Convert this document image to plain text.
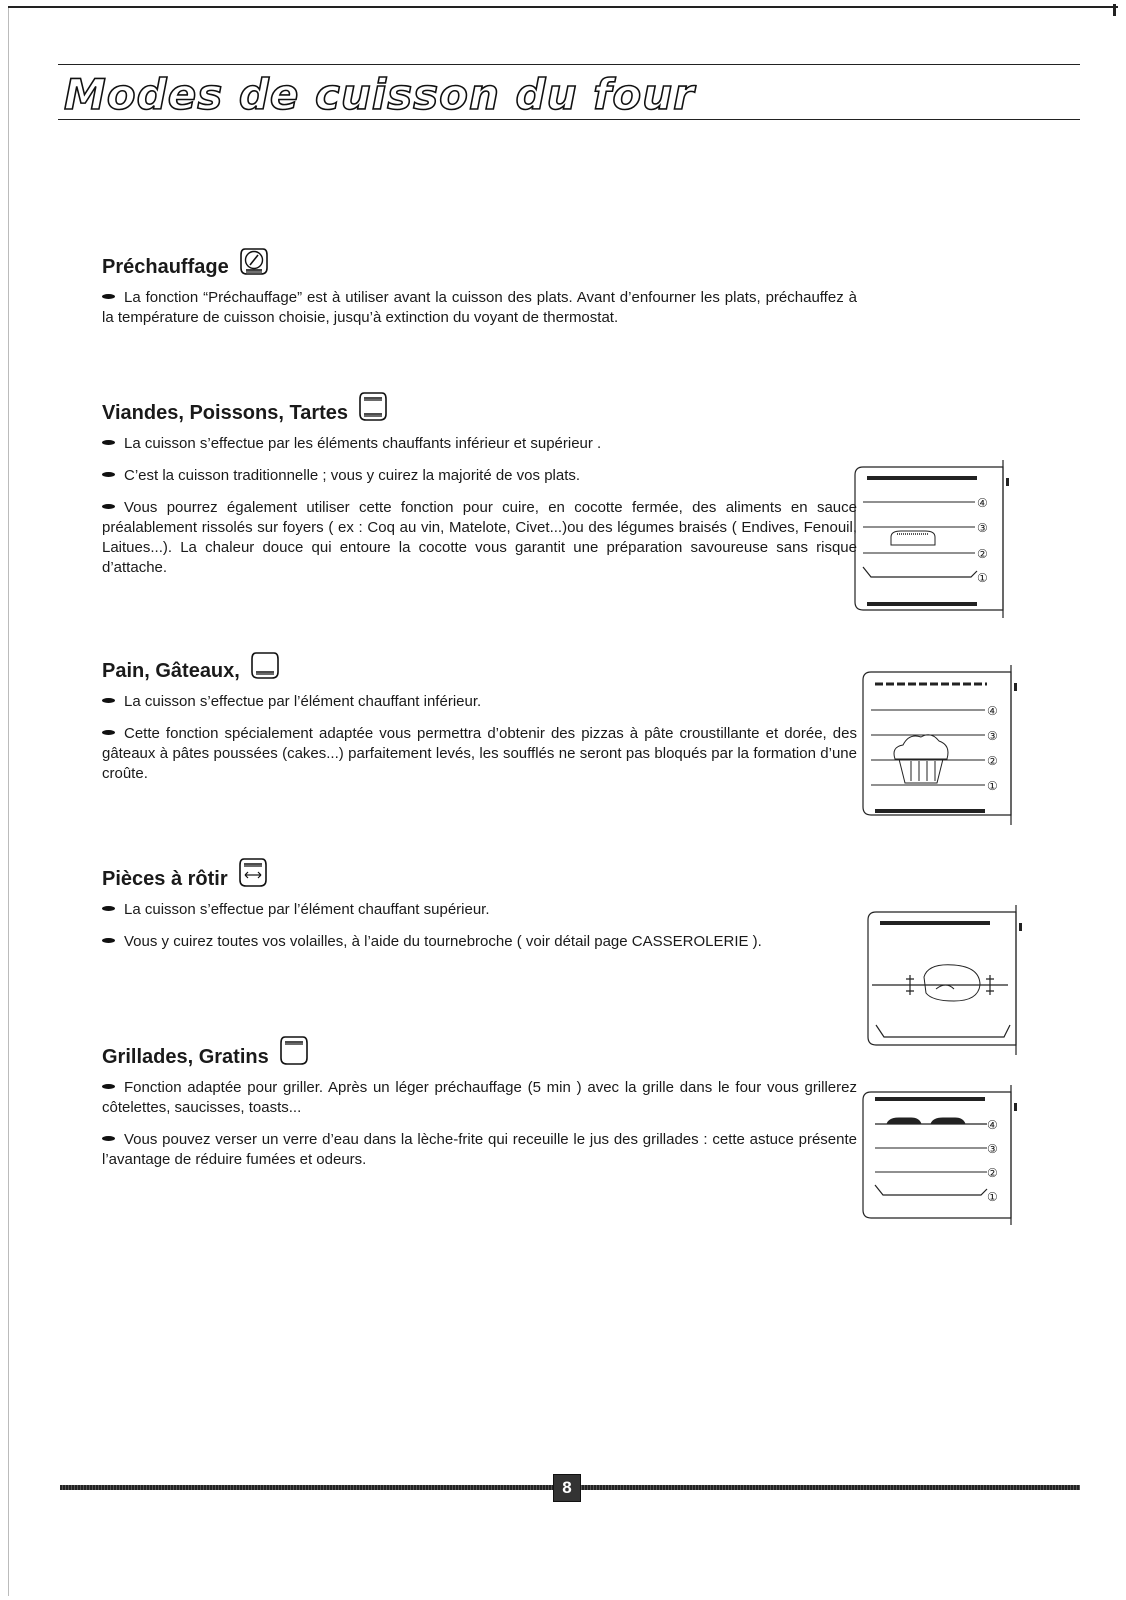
Modes de cuisson du four
Préchauffage

La fonction “Préchauffage” est à utiliser avant la cuisson des plats. Avant d’enfourner les plats, préchauffez à la température de cuisson choisie, jusqu’à extinction du voyant de thermostat.

Viandes, Poissons, Tartes

La cuisson s’effectue par les éléments chauffants inférieur et supérieur .

C’est la cuisson traditionnelle ; vous y cuirez la majorité de vos plats.

Vous pourrez également utiliser cette fonction pour cuire, en cocotte fermée, des aliments en sauce préalablement rissolés sur foyers ( ex : Coq au vin, Matelote, Civet...)ou des légumes braisés ( Endives, Fenouil, Laitues...). La chaleur douce qui entoure la cocotte vous garantit une préparation savoureuse sans risque d’attache.

Pain, Gâteaux,

La cuisson s’effectue par l’élément chauffant inférieur.

Cette fonction spécialement adaptée vous permettra d’obtenir des pizzas à pâte croustillante et dorée, des gâteaux à pâtes poussées (cakes...) parfaitement levés, les soufflés ne seront pas bloqués par la formation d’une croûte.

Pièces à rôtir

La cuisson s’effectue par l’élément chauffant supérieur.

Vous y cuirez toutes vos volailles, à l’aide du tournebroche ( voir détail page CASSEROLERIE ).

Grillades, Gratins

Fonction adaptée pour griller. Après un léger préchauffage (5 min ) avec la grille dans le four vous grillerez côtelettes, saucisses, toasts...

Vous pouvez verser un verre d’eau dans la lèche-frite qui receuille le jus des grillades : cette astuce présente l’avantage de réduire fumées et odeurs.

④
③
②
①
④
③
②
①
④
③
②
①
8
